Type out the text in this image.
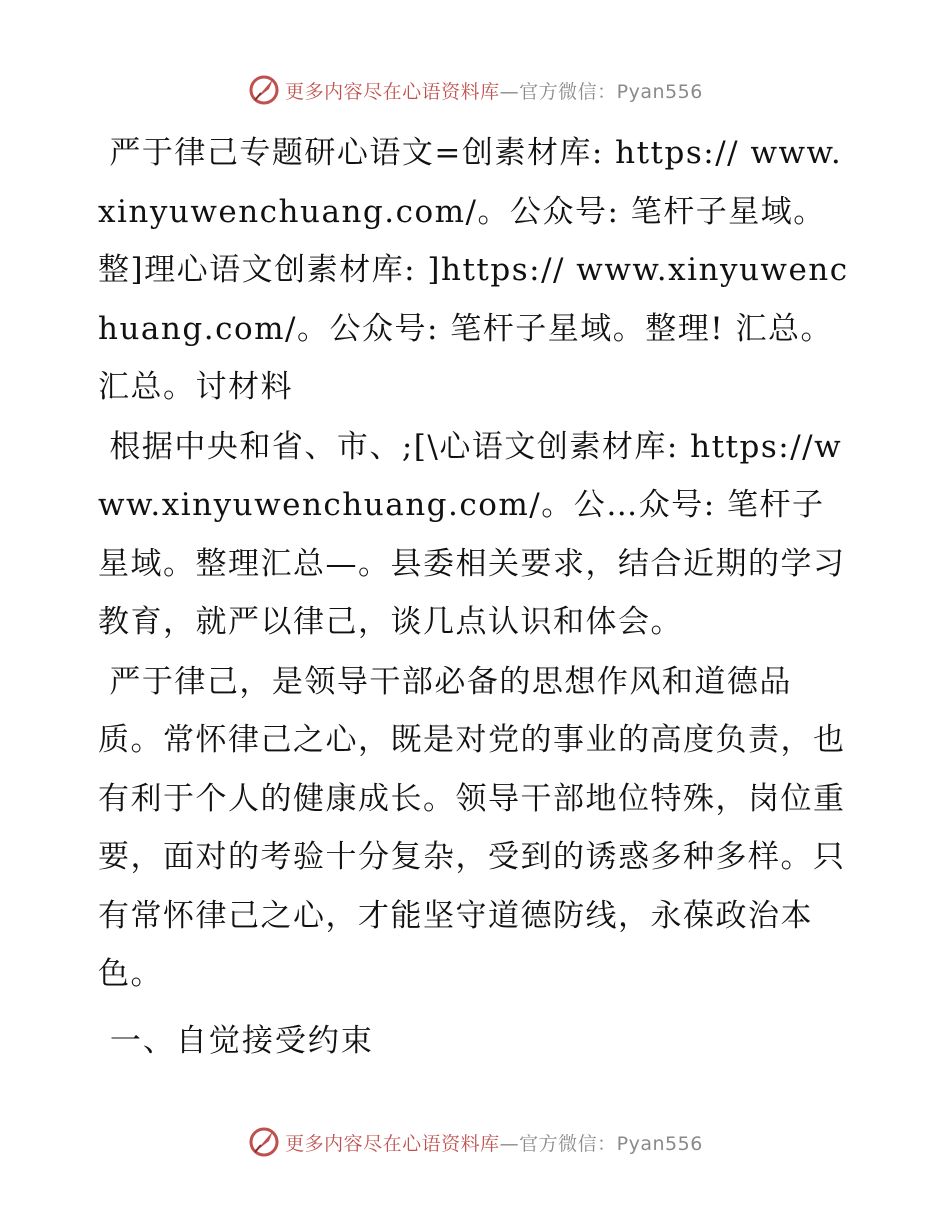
更多内容尽在心语资料库—官方微信：Pyan556

严于律己专题研心语文=创素材库: https:// www.xinyuwenchuang.com/。公众号: 笔杆子星域。整]理心语文创素材库: ]https:// www.xinyuwenchuang.com/。公众号: 笔杆子星域。整理! 汇总。汇总。讨材料

根据中央和省、市、;[\心语文创素材库: https://www.xinyuwenchuang.com/。公…众号: 笔杆子星域。整理汇总—。县委相关要求，结合近期的学习教育，就严以律己，谈几点认识和体会。

严于律己，是领导干部必备的思想作风和道德品质。常怀律己之心，既是对党的事业的高度负责，也有利于个人的健康成长。领导干部地位特殊，岗位重要，面对的考验十分复杂，受到的诱惑多种多样。只有常怀律己之心，才能坚守道德防线，永葆政治本色。

一、自觉接受约束
更多内容尽在心语资料库—官方微信：Pyan556
